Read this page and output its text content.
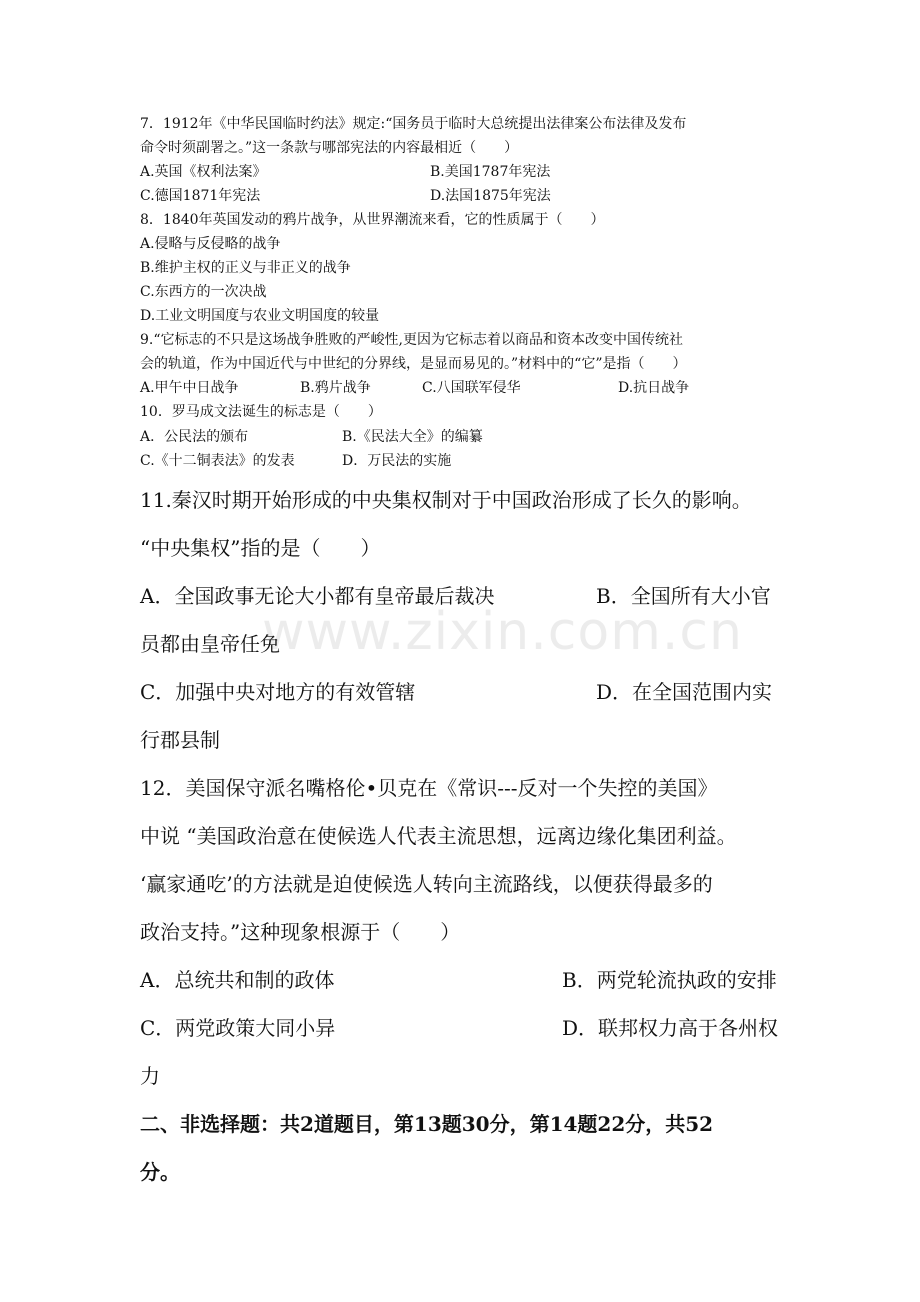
www.zixin.com.cn
7．1912年《中华民国临时约法》规定:“国务员于临时大总统提出法律案公布法律及发布
命令时须副署之。”这一条款与哪部宪法的内容最相近（　　）
A.英国《权利法案》	B.美国1787年宪法
C.德国1871年宪法	D.法国1875年宪法
8．1840年英国发动的鸦片战争，从世界潮流来看，它的性质属于（　　）
A.侵略与反侵略的战争
B.维护主权的正义与非正义的战争
C.东西方的一次决战
D.工业文明国度与农业文明国度的较量
9.“它标志的不只是这场战争胜败的严峻性,更因为它标志着以商品和资本改变中国传统社
会的轨道，作为中国近代与中世纪的分界线，是显而易见的。”材料中的“它”是指（　　）
A.甲午中日战争	B.鸦片战争	C.八国联军侵华	D.抗日战争
10．罗马成文法诞生的标志是（　　）
A．公民法的颁布	B.《民法大全》的编纂
C.《十二铜表法》的发表	D．万民法的实施
11.秦汉时期开始形成的中央集权制对于中国政治形成了长久的影响。
“中央集权”指的是（　　）
A．全国政事无论大小都有皇帝最后裁决	B．全国所有大小官
员都由皇帝任免
C．加强中央对地方的有效管辖	D．在全国范围内实
行郡县制
12．美国保守派名嘴格伦•贝克在《常识---反对一个失控的美国》
中说 “美国政治意在使候选人代表主流思想，远离边缘化集团利益。
‘赢家通吃’的方法就是迫使候选人转向主流路线，以便获得最多的
政治支持。”这种现象根源于（　　）
A．总统共和制的政体	B．两党轮流执政的安排
C．两党政策大同小异	D．联邦权力高于各州权
力
二、非选择题：共2道题目，第13题30分，第14题22分，共52
分。
